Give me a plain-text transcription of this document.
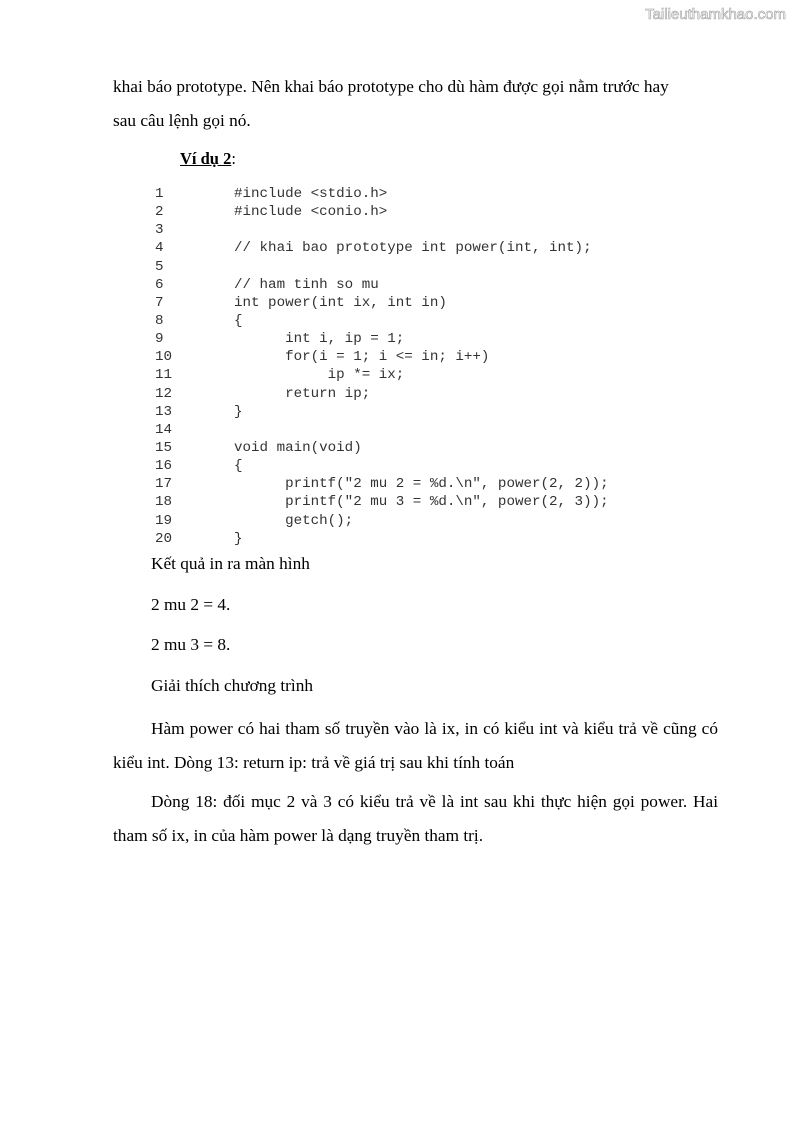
Tailieuthamkhao.com

khai báo prototype. Nên khai báo prototype cho dù hàm được gọi nằm trước hay

sau câu lệnh gọi nó.

Ví dụ 2:
1	#include <stdio.h>
2	#include <conio.h>
3
4	// khai bao prototype int power(int, int);
5
6	// ham tinh so mu
7	int power(int ix, int in)
8	{
9	int i, ip = 1;
10	for(i = 1; i <= in; i++)
11	ip *= ix;
12	return ip;
13	}
14
15	void main(void)
16	{
17	printf("2 mu 2 = %d.\n", power(2, 2));
18	printf("2 mu 3 = %d.\n", power(2, 3));
19	getch();
20	}

Kết quả in ra màn hình

2 mu 2 = 4.

2 mu 3 = 8.

Giải thích chương trình

Hàm power có hai tham số truyền vào là ix, in có kiểu int và kiểu trả về cũng có kiểu int. Dòng 13: return ip: trả về giá trị sau khi tính toán

Dòng 18: đối mục 2 và 3 có kiểu trả về là int sau khi thực hiện gọi power. Hai tham số ix, in của hàm power là dạng truyền tham trị.
